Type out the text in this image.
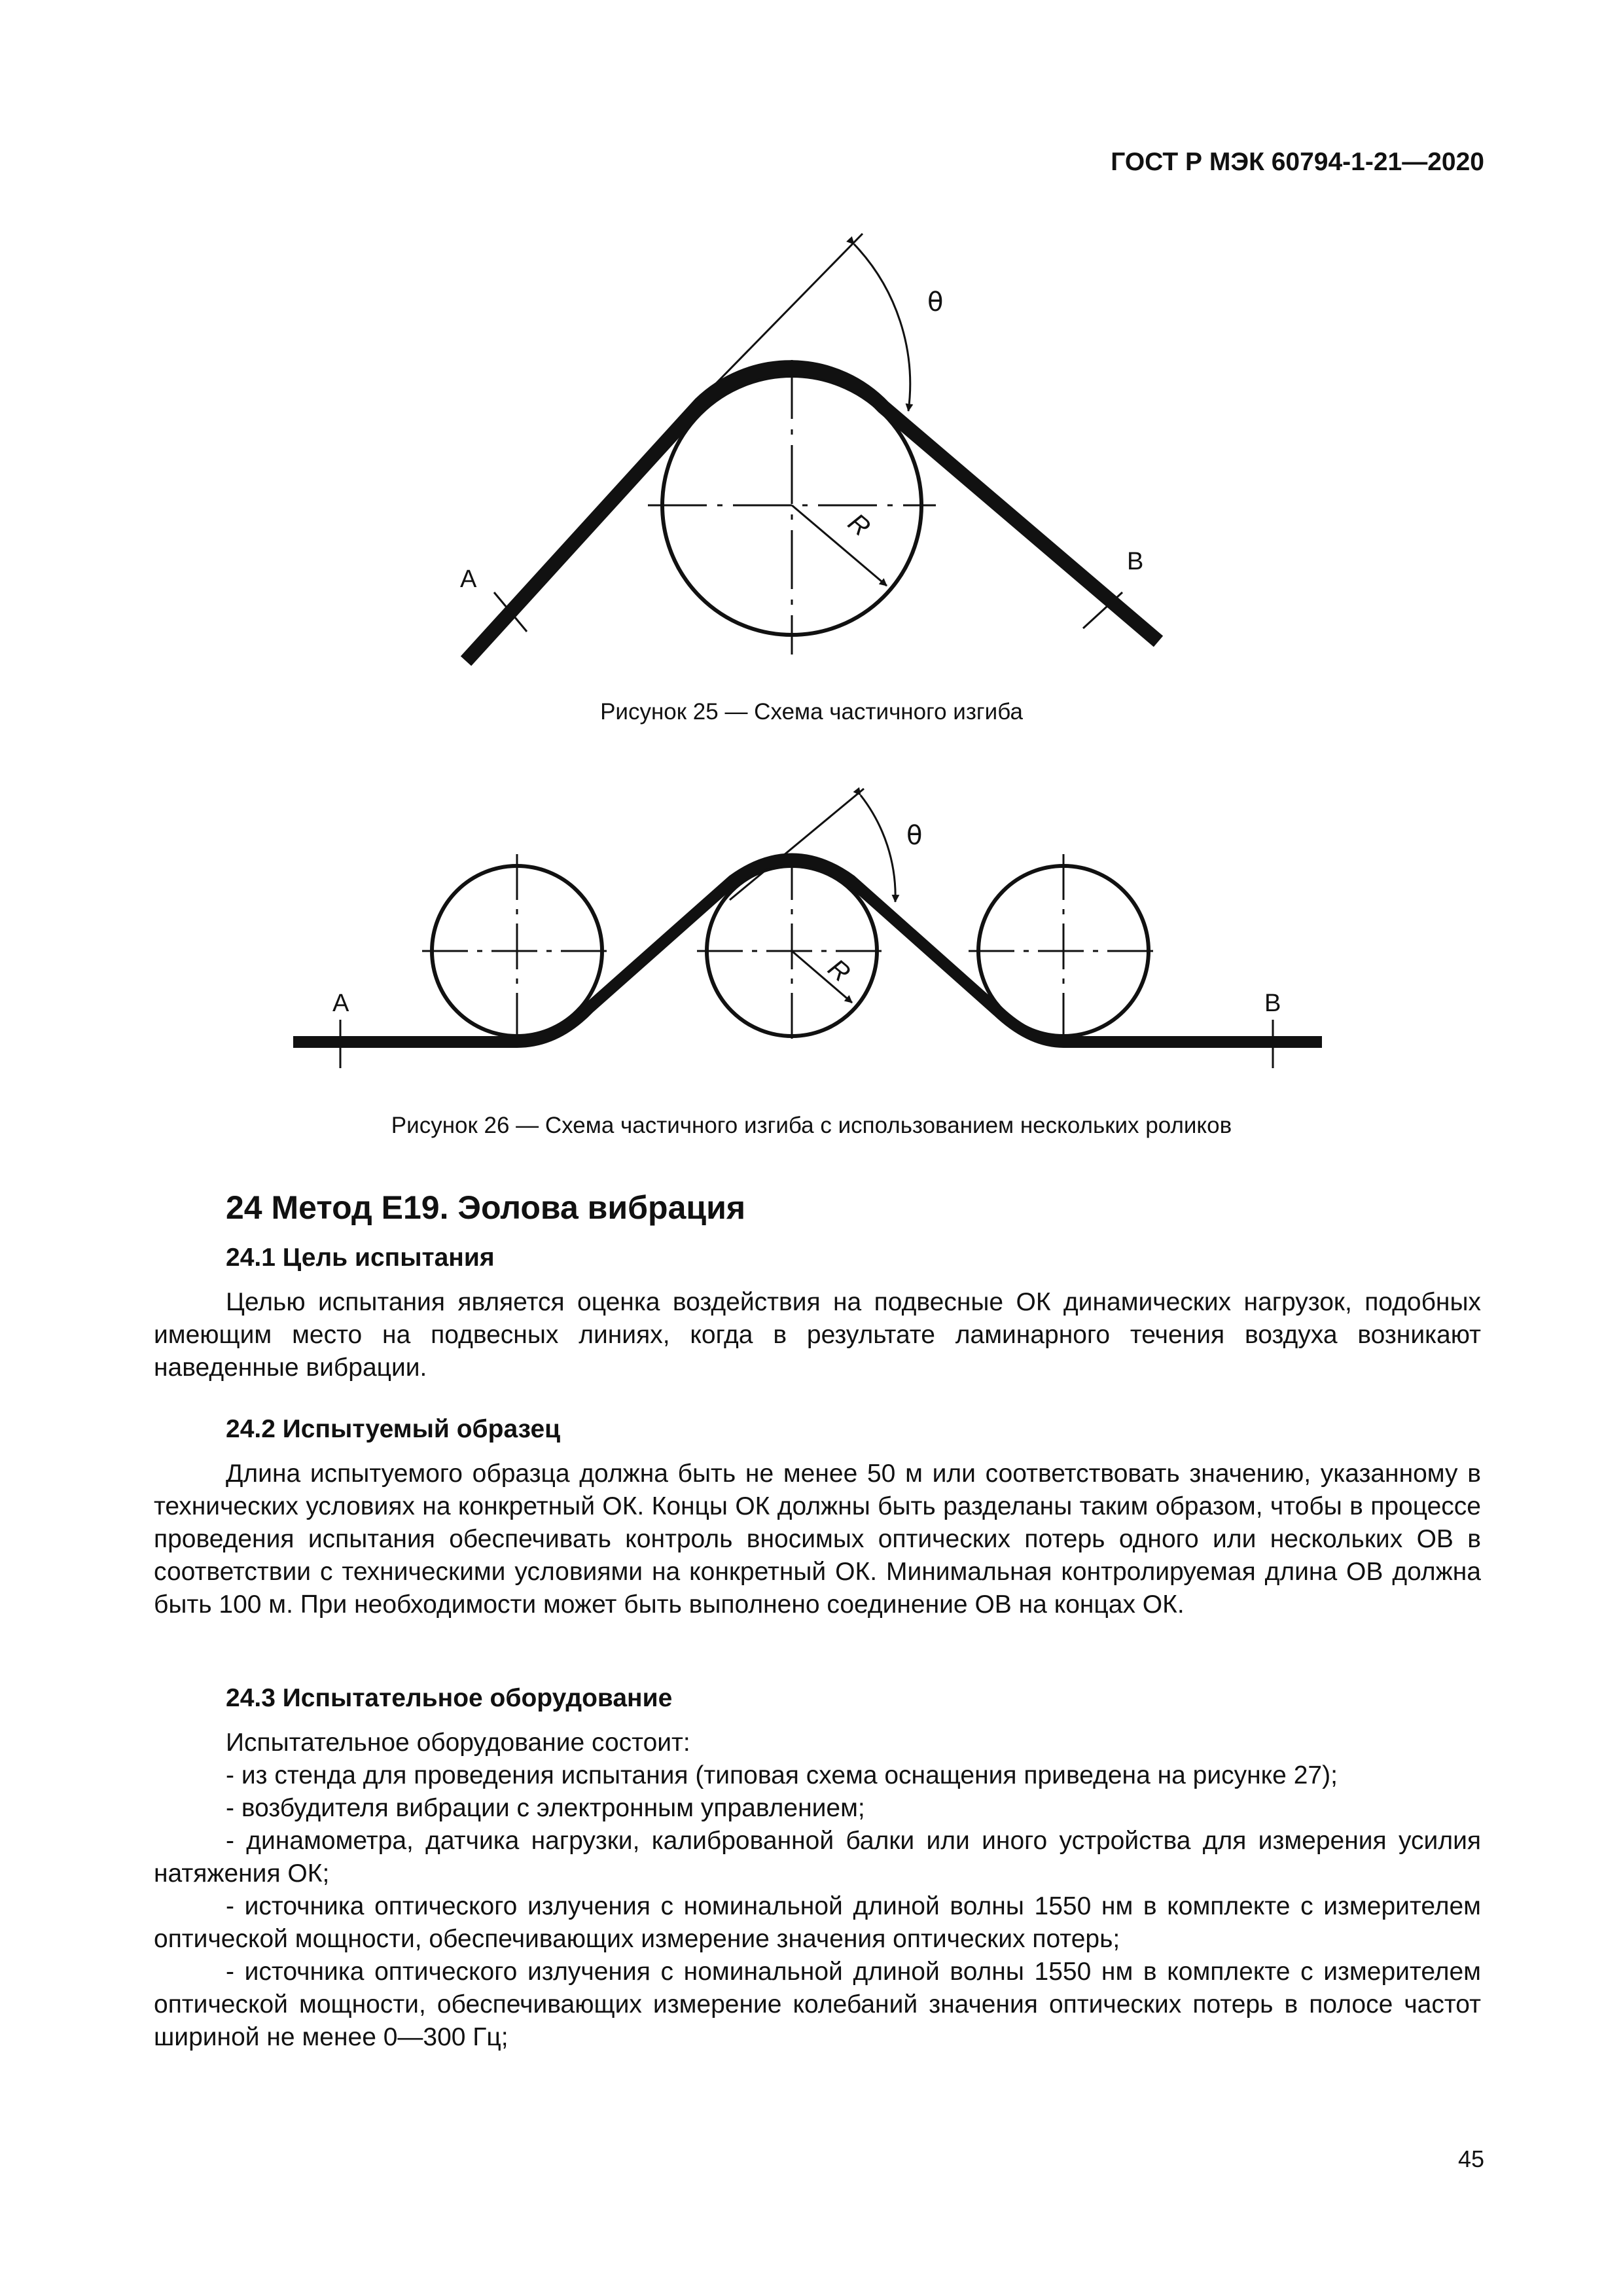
ГОСТ Р МЭК 60794-1-21—2020
R
θ
A
B
Рисунок 25 — Схема частичного изгиба
R
θ
A	B
Рисунок 26 — Схема частичного изгиба с использованием нескольких роликов
24 Метод E19. Эолова вибрация
24.1 Цель испытания
Целью испытания является оценка воздействия на подвесные ОК динамических нагрузок, подобных имеющим место на подвесных линиях, когда в результате ламинарного течения воздуха возникают наведенные вибрации.
24.2 Испытуемый образец
Длина испытуемого образца должна быть не менее 50 м или соответствовать значению, указанному в технических условиях на конкретный ОК. Концы ОК должны быть разделаны таким образом, чтобы в процессе проведения испытания обеспечивать контроль вносимых оптических потерь одного или нескольких ОВ в соответствии с техническими условиями на конкретный ОК. Минимальная контролируемая длина ОВ должна быть 100 м. При необходимости может быть выполнено соединение ОВ на концах ОК.
24.3 Испытательное оборудование
Испытательное оборудование состоит:
- из стенда для проведения испытания (типовая схема оснащения приведена на рисунке 27);
- возбудителя вибрации с электронным управлением;
- динамометра, датчика нагрузки, калиброванной балки или иного устройства для измерения усилия натяжения ОК;
- источника оптического излучения с номинальной длиной волны 1550 нм в комплекте с измерителем оптической мощности, обеспечивающих измерение значения оптических потерь;
- источника оптического излучения с номинальной длиной волны 1550 нм в комплекте с измерителем оптической мощности, обеспечивающих измерение колебаний значения оптических потерь в полосе частот шириной не менее 0—300 Гц;
45
